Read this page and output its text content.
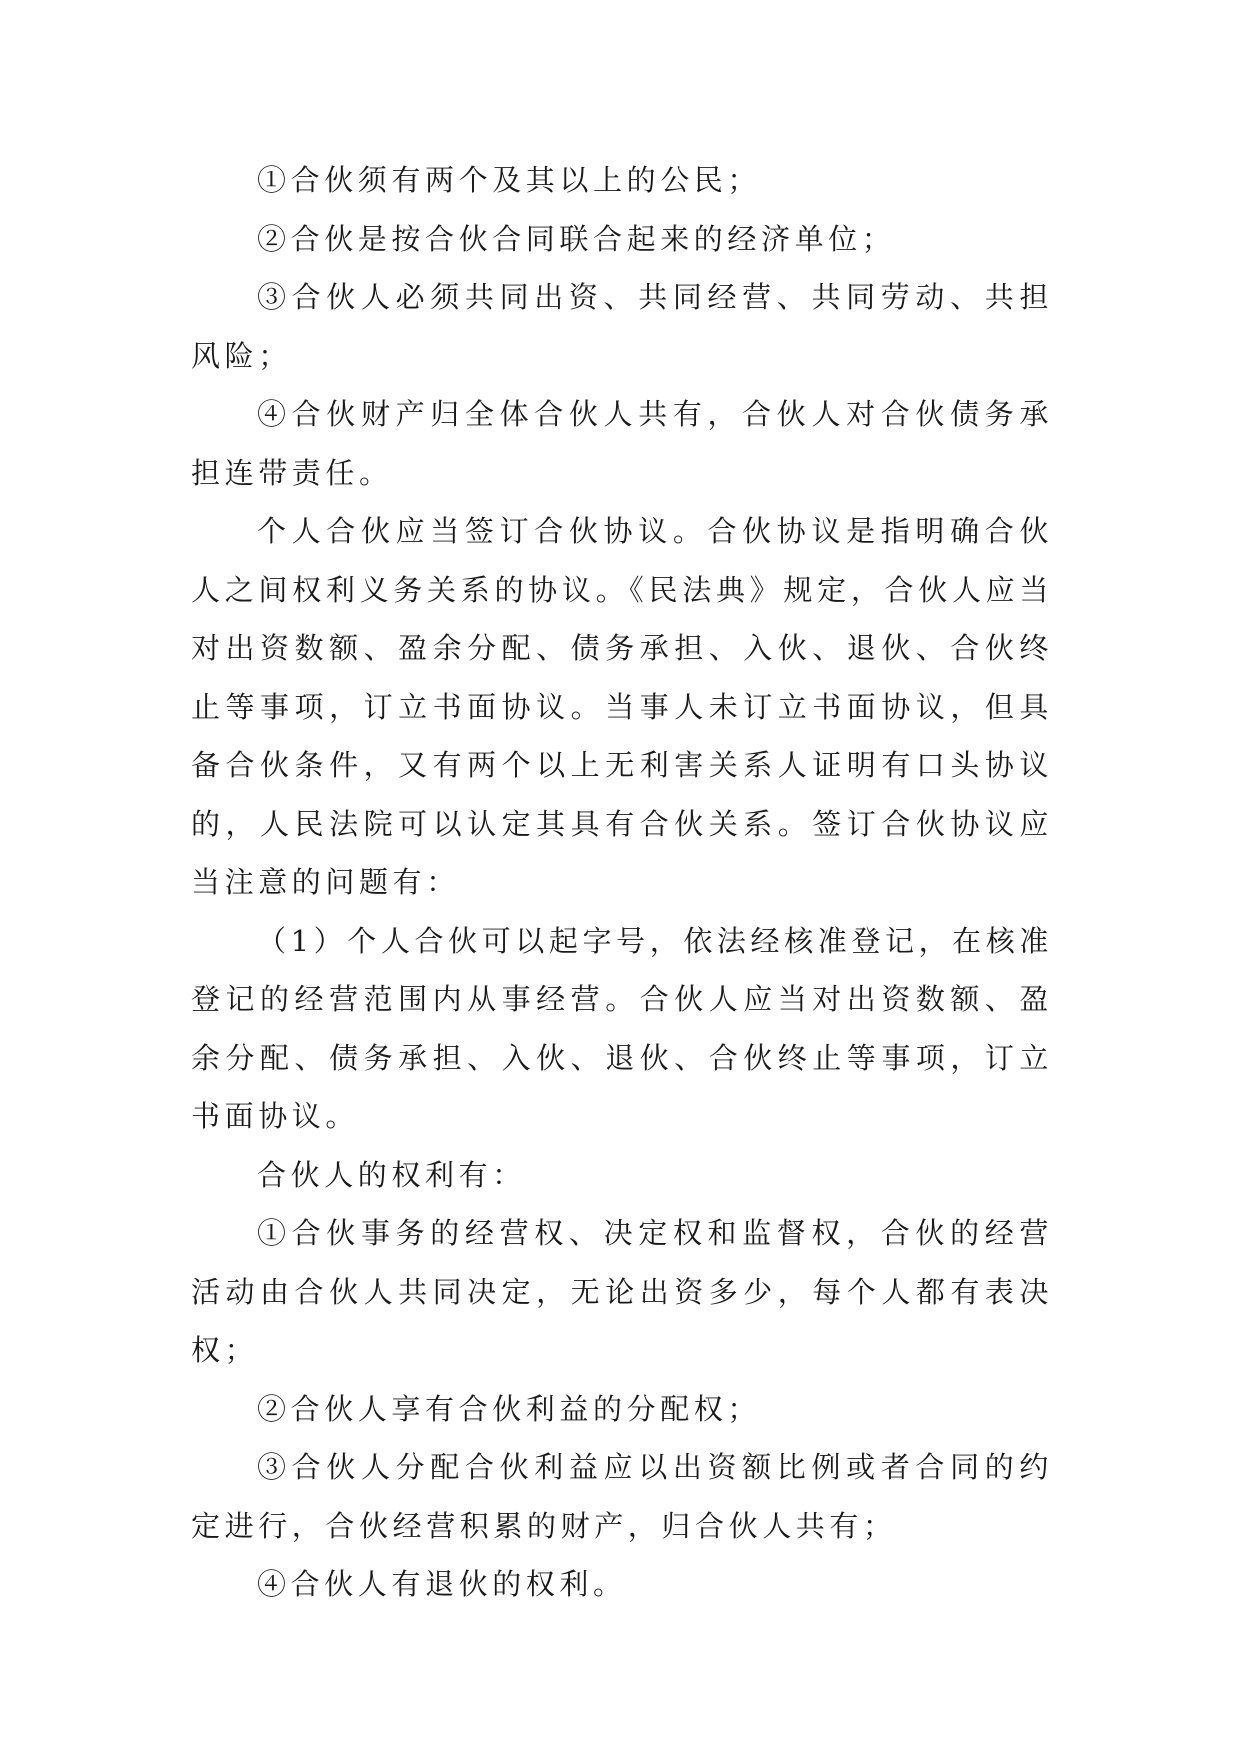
①合伙须有两个及其以上的公民；

②合伙是按合伙合同联合起来的经济单位；

③合伙人必须共同出资、共同经营、共同劳动、共担风险；

④合伙财产归全体合伙人共有，合伙人对合伙债务承担连带责任。

个人合伙应当签订合伙协议。合伙协议是指明确合伙人之间权利义务关系的协议。《民法典》规定，合伙人应当对出资数额、盈余分配、债务承担、入伙、退伙、合伙终止等事项，订立书面协议。当事人未订立书面协议，但具备合伙条件，又有两个以上无利害关系人证明有口头协议的，人民法院可以认定其具有合伙关系。签订合伙协议应当注意的问题有：

（1）个人合伙可以起字号，依法经核准登记，在核准登记的经营范围内从事经营。合伙人应当对出资数额、盈余分配、债务承担、入伙、退伙、合伙终止等事项，订立书面协议。

合伙人的权利有：

①合伙事务的经营权、决定权和监督权，合伙的经营活动由合伙人共同决定，无论出资多少，每个人都有表决权；

②合伙人享有合伙利益的分配权；

③合伙人分配合伙利益应以出资额比例或者合同的约定进行，合伙经营积累的财产，归合伙人共有；

④合伙人有退伙的权利。
